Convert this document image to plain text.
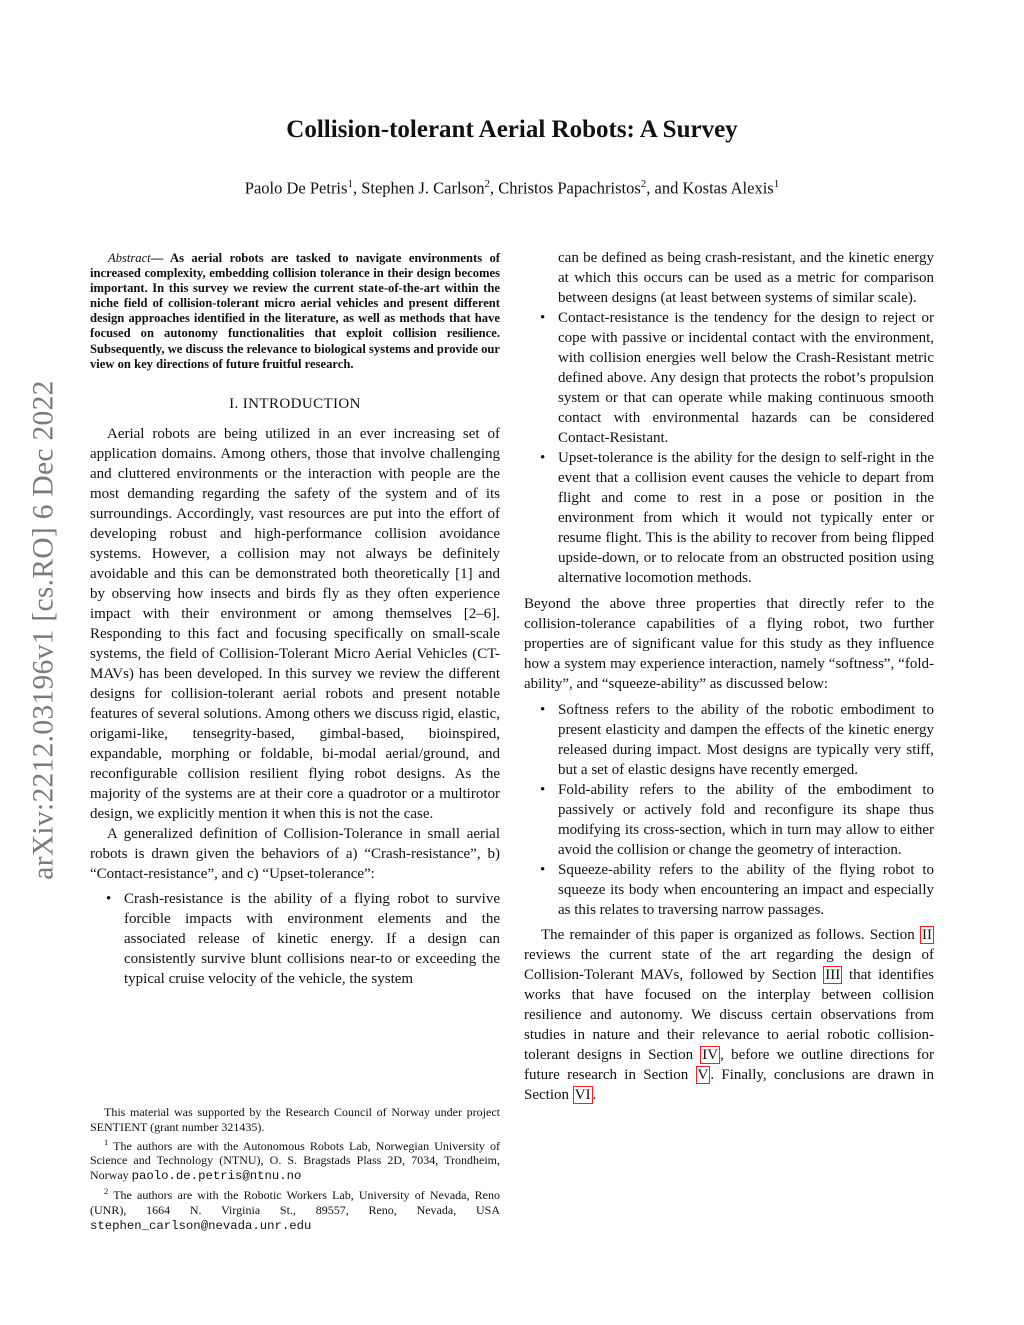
arXiv:2212.03196v1 [cs.RO] 6 Dec 2022
Collision-tolerant Aerial Robots: A Survey
Paolo De Petris$^1$, Stephen J. Carlson$^2$, Christos Papachristos$^2$, and Kostas Alexis$^1$

Abstract— As aerial robots are tasked to navigate environments of increased complexity, embedding collision tolerance in their design becomes important. In this survey we review the current state-of-the-art within the niche field of collision-tolerant micro aerial vehicles and present different design approaches identified in the literature, as well as methods that have focused on autonomy functionalities that exploit collision resilience. Subsequently, we discuss the relevance to biological systems and provide our view on key directions of future fruitful research.

I. INTRODUCTION

Aerial robots are being utilized in an ever increasing set of application domains. Among others, those that involve challenging and cluttered environments or the interaction with people are the most demanding regarding the safety of the system and of its surroundings. Accordingly, vast resources are put into the effort of developing robust and high-performance collision avoidance systems. However, a collision may not always be definitely avoidable and this can be demonstrated both theoretically [1] and by observing how insects and birds fly as they often experience impact with their environment or among themselves [2–6]. Responding to this fact and focusing specifically on small-scale systems, the field of Collision-Tolerant Micro Aerial Vehicles (CT-MAVs) has been developed. In this survey we review the different designs for collision-tolerant aerial robots and present notable features of several solutions. Among others we discuss rigid, elastic, origami-like, tensegrity-based, gimbal-based, bioinspired, expandable, morphing or foldable, bi-modal aerial/ground, and reconfigurable collision resilient flying robot designs. As the majority of the systems are at their core a quadrotor or a multirotor design, we explicitly mention it when this is not the case.

A generalized definition of Collision-Tolerance in small aerial robots is drawn given the behaviors of a) “Crash-resistance”, b) “Contact-resistance”, and c) “Upset-tolerance”:

• Crash-resistance is the ability of a flying robot to survive forcible impacts with environment elements and the associated release of kinetic energy. If a design can consistently survive blunt collisions near-to or exceeding the typical cruise velocity of the vehicle, the system

This material was supported by the Research Council of Norway under project SENTIENT (grant number 321435).

$^1$ The authors are with the Autonomous Robots Lab, Norwegian University of Science and Technology (NTNU), O. S. Bragstads Plass 2D, 7034, Trondheim, Norway paolo.de.petris@ntnu.no

$^2$ The authors are with the Robotic Workers Lab, University of Nevada, Reno (UNR), 1664 N. Virginia St., 89557, Reno, Nevada, USA stephen_carlson@nevada.unr.edu

can be defined as being crash-resistant, and the kinetic energy at which this occurs can be used as a metric for comparison between designs (at least between systems of similar scale).

• Contact-resistance is the tendency for the design to reject or cope with passive or incidental contact with the environment, with collision energies well below the Crash-Resistant metric defined above. Any design that protects the robot’s propulsion system or that can operate while making continuous smooth contact with environmental hazards can be considered Contact-Resistant.
• Upset-tolerance is the ability for the design to self-right in the event that a collision event causes the vehicle to depart from flight and come to rest in a pose or position in the environment from which it would not typically enter or resume flight. This is the ability to recover from being flipped upside-down, or to relocate from an obstructed position using alternative locomotion methods.

Beyond the above three properties that directly refer to the collision-tolerance capabilities of a flying robot, two further properties are of significant value for this study as they influence how a system may experience interaction, namely “softness”, “fold-ability”, and “squeeze-ability” as discussed below:

• Softness refers to the ability of the robotic embodiment to present elasticity and dampen the effects of the kinetic energy released during impact. Most designs are typically very stiff, but a set of elastic designs have recently emerged.
• Fold-ability refers to the ability of the embodiment to passively or actively fold and reconfigure its shape thus modifying its cross-section, which in turn may allow to either avoid the collision or change the geometry of interaction.
• Squeeze-ability refers to the ability of the flying robot to squeeze its body when encountering an impact and especially as this relates to traversing narrow passages.

The remainder of this paper is organized as follows. Section II reviews the current state of the art regarding the design of Collision-Tolerant MAVs, followed by Section III that identifies works that have focused on the interplay between collision resilience and autonomy. We discuss certain observations from studies in nature and their relevance to aerial robotic collision-tolerant designs in Section IV , before we outline directions for future research in Section V . Finally, conclusions are drawn in Section VI .
